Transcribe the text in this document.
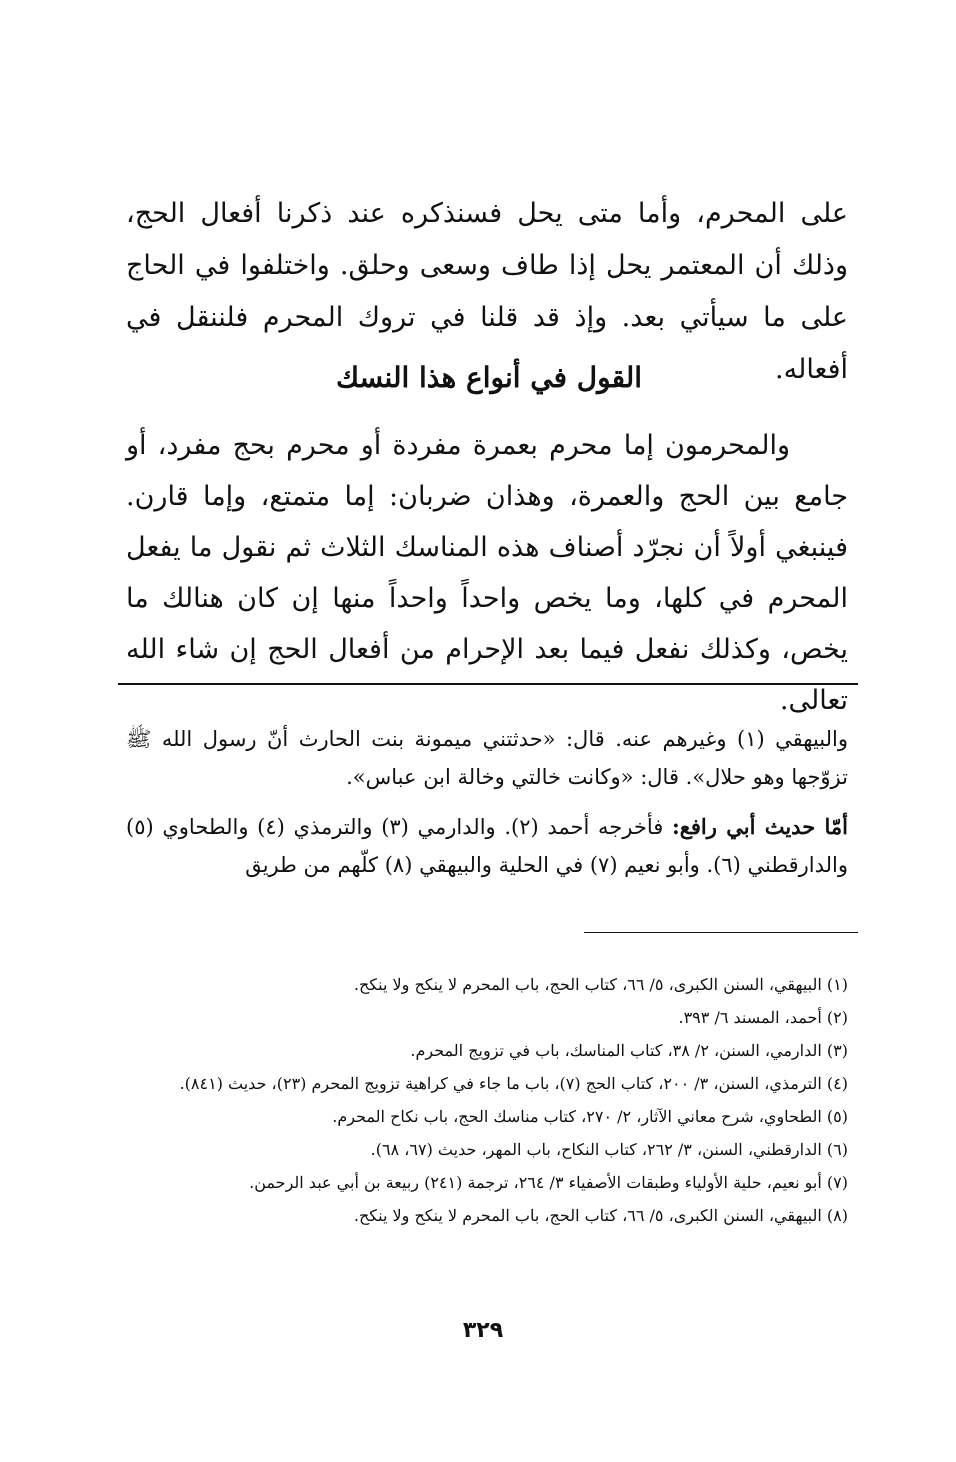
على المحرم، وأما متى يحل فسنذكره عند ذكرنا أفعال الحج، وذلك أن المعتمر يحل إذا طاف وسعى وحلق. واختلفوا في الحاج على ما سيأتي بعد. وإذ قد قلنا في تروك المحرم فلننقل في أفعاله.

القول في أنواع هذا النسك

والمحرمون إما محرم بعمرة مفردة أو محرم بحج مفرد، أو جامع بين الحج والعمرة، وهذان ضربان: إما متمتع، وإما قارن. فينبغي أولاً أن نجرّد أصناف هذه المناسك الثلاث ثم نقول ما يفعل المحرم في كلها، وما يخص واحداً واحداً منها إن كان هنالك ما يخص، وكذلك نفعل فيما بعد الإحرام من أفعال الحج إن شاء الله تعالى.

والبيهقي (١) وغيرهم عنه. قال: «حدثتني ميمونة بنت الحارث أنّ رسول الله ﷺ تزوّجها وهو حلال». قال: «وكانت خالتي وخالة ابن عباس».

أمّا حديث أبي رافع: فأخرجه أحمد (٢). والدارمي (٣) والترمذي (٤) والطحاوي (٥) والدارقطني (٦). وأبو نعيم (٧) في الحلية والبيهقي (٨) كلّهم من طريق

(١) البيهقي، السنن الكبرى، ٥/ ٦٦، كتاب الحج، باب المحرم لا ينكح ولا ينكح.
(٢) أحمد، المسند ٦/ ٣٩٣.
(٣) الدارمي، السنن، ٢/ ٣٨، كتاب المناسك، باب في تزويج المحرم.
(٤) الترمذي، السنن، ٣/ ٢٠٠، كتاب الحج (٧)، باب ما جاء في كراهية تزويج المحرم (٢٣)، حديث (٨٤١).
(٥) الطحاوي، شرح معاني الآثار، ٢/ ٢٧٠، كتاب مناسك الحج، باب نكاح المحرم.
(٦) الدارقطني، السنن، ٣/ ٢٦٢، كتاب النكاح، باب المهر، حديث (٦٧، ٦٨).
(٧) أبو نعيم، حلية الأولياء وطبقات الأصفياء ٣/ ٢٦٤، ترجمة (٢٤١) ربيعة بن أبي عبد الرحمن.
(٨) البيهقي، السنن الكبرى، ٥/ ٦٦، كتاب الحج، باب المحرم لا ينكح ولا ينكح.
٣٢٩
